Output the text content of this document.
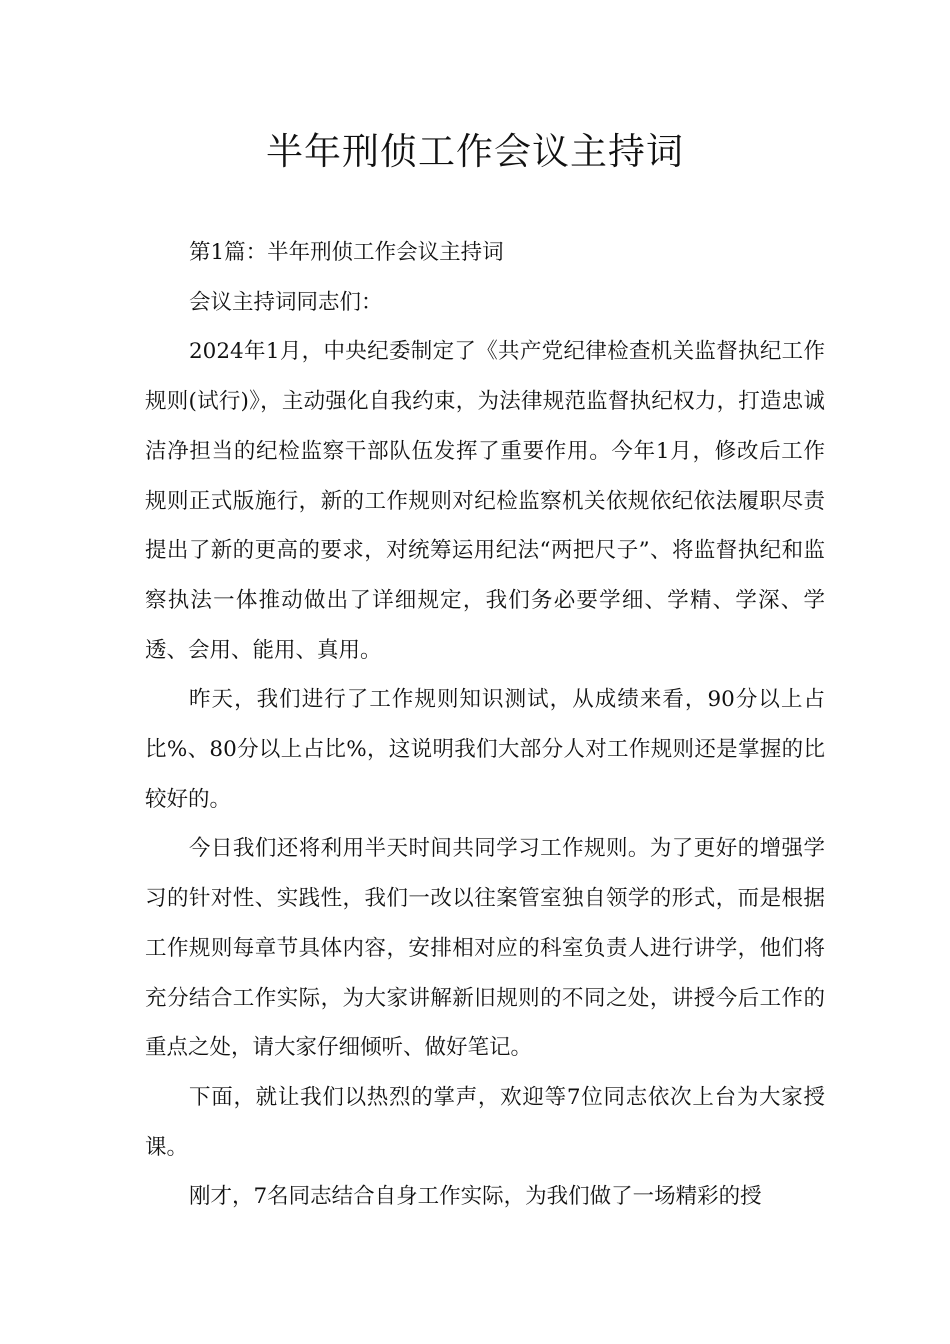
半年刑侦工作会议主持词

第1篇：半年刑侦工作会议主持词

会议主持词同志们：

2024年1月，中央纪委制定了《共产党纪律检查机关监督执纪工作规则(试行)》，主动强化自我约束，为法律规范监督执纪权力，打造忠诚洁净担当的纪检监察干部队伍发挥了重要作用。今年1月，修改后工作规则正式版施行，新的工作规则对纪检监察机关依规依纪依法履职尽责提出了新的更高的要求，对统筹运用纪法“两把尺子”、将监督执纪和监察执法一体推动做出了详细规定，我们务必要学细、学精、学深、学透、会用、能用、真用。

昨天，我们进行了工作规则知识测试，从成绩来看，90分以上占比%、80分以上占比%，这说明我们大部分人对工作规则还是掌握的比较好的。

今日我们还将利用半天时间共同学习工作规则。为了更好的增强学习的针对性、实践性，我们一改以往案管室独自领学的形式，而是根据工作规则每章节具体内容，安排相对应的科室负责人进行讲学，他们将充分结合工作实际，为大家讲解新旧规则的不同之处，讲授今后工作的重点之处，请大家仔细倾听、做好笔记。

下面，就让我们以热烈的掌声，欢迎等7位同志依次上台为大家授课。

刚才，7名同志结合自身工作实际，为我们做了一场精彩的授
